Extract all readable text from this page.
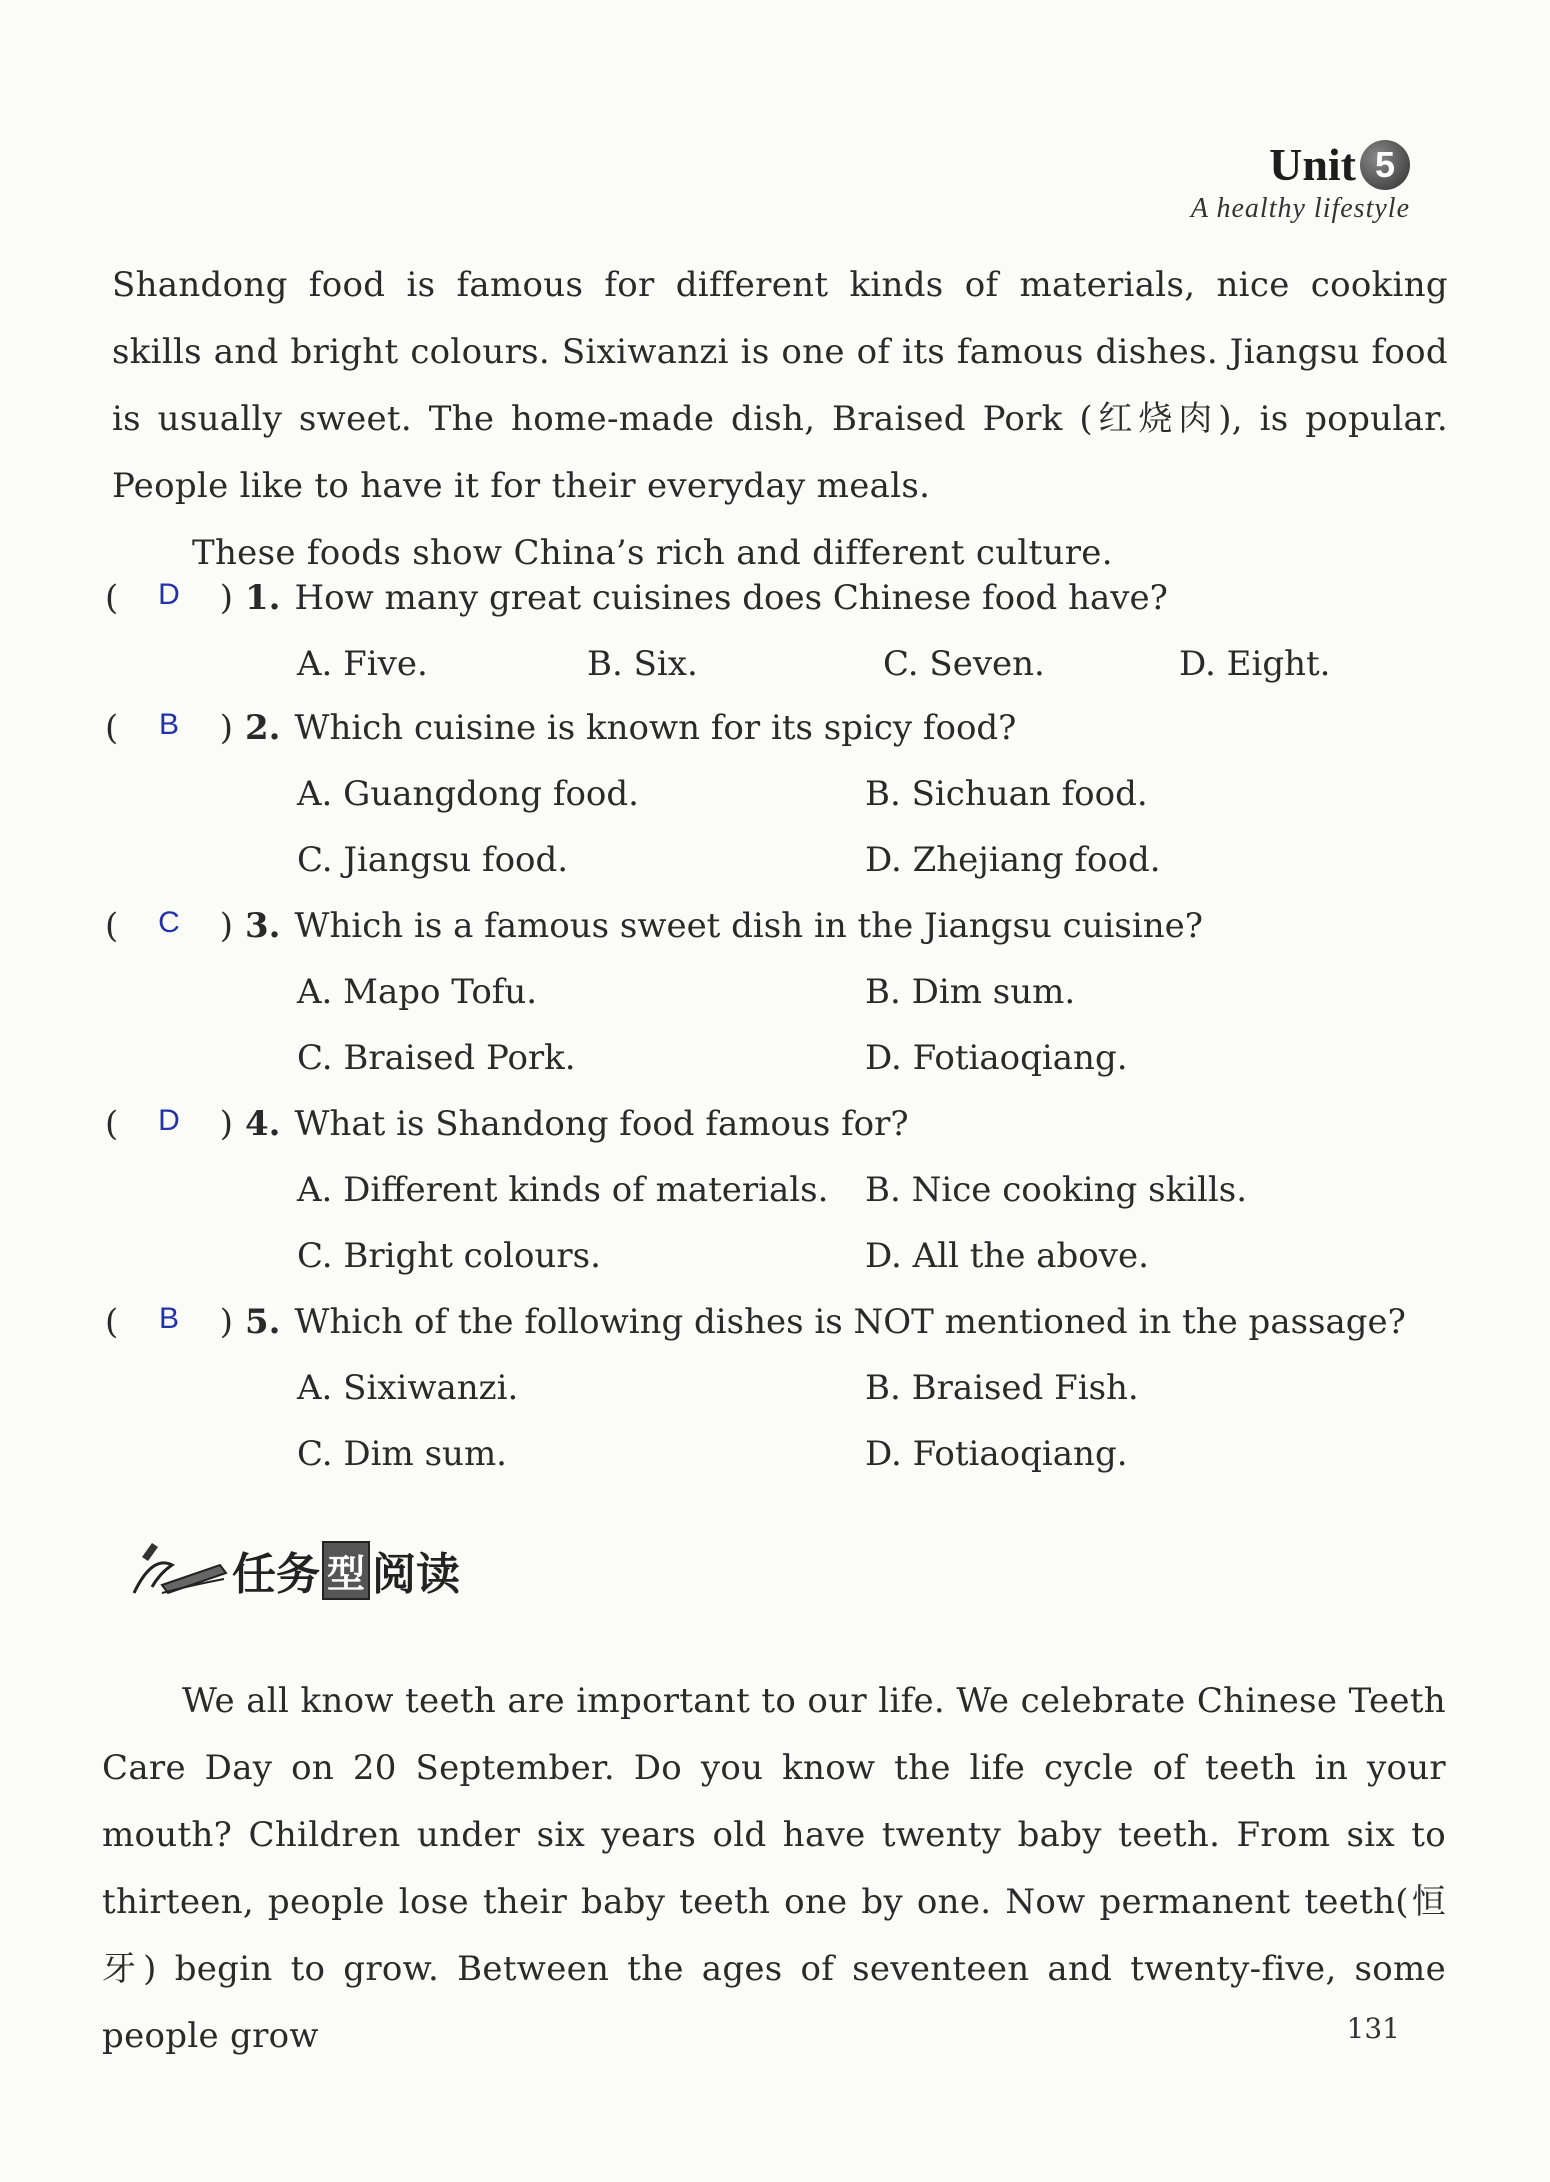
Unit 5
A healthy lifestyle

Shandong food is famous for different kinds of materials, nice cooking skills and bright colours. Sixiwanzi is one of its famous dishes. Jiangsu food is usually sweet. The home-made dish, Braised Pork (红烧肉), is popular. People like to have it for their everyday meals.

These foods show China’s rich and different culture.

( D ) 1. How many great cuisines does Chinese food have?
A. Five.	B. Six.	C. Seven.	D. Eight.
( B ) 2. Which cuisine is known for its spicy food?
A. Guangdong food.	B. Sichuan food.
C. Jiangsu food.	D. Zhejiang food.
( C ) 3. Which is a famous sweet dish in the Jiangsu cuisine?
A. Mapo Tofu.	B. Dim sum.
C. Braised Pork.	D. Fotiaoqiang.
( D ) 4. What is Shandong food famous for?
A. Different kinds of materials.	B. Nice cooking skills.
C. Bright colours.	D. All the above.
( B ) 5. Which of the following dishes is NOT mentioned in the passage?
A. Sixiwanzi.	B. Braised Fish.
C. Dim sum.	D. Fotiaoqiang.
任务 型 阅读

We all know teeth are important to our life. We celebrate Chinese Teeth Care Day on 20 September. Do you know the life cycle of teeth in your mouth? Children under six years old have twenty baby teeth. From six to thirteen, people lose their baby teeth one by one. Now permanent teeth(恒牙) begin to grow. Between the ages of seventeen and twenty-five, some people grow	131
